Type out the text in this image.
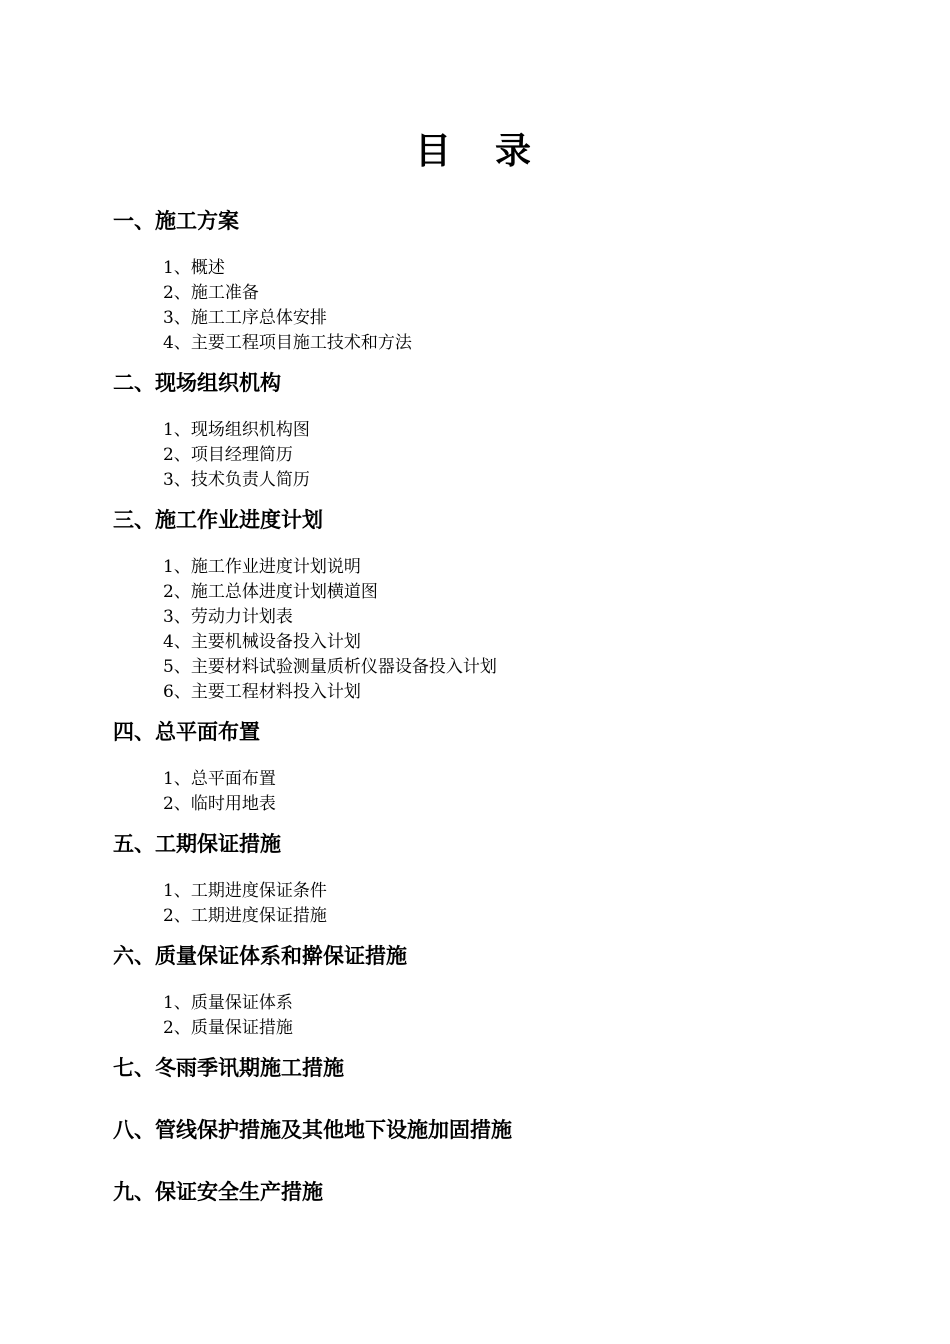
目录
一、施工方案
1、概述
2、施工准备
3、施工工序总体安排
4、主要工程项目施工技术和方法
二、现场组织机构
1、现场组织机构图
2、项目经理简历
3、技术负责人简历
三、施工作业进度计划
1、施工作业进度计划说明
2、施工总体进度计划横道图
3、劳动力计划表
4、主要机械设备投入计划
5、主要材料试验测量质析仪器设备投入计划
6、主要工程材料投入计划
四、总平面布置
1、总平面布置
2、临时用地表
五、工期保证措施
1、工期进度保证条件
2、工期进度保证措施
六、质量保证体系和擀保证措施
1、质量保证体系
2、质量保证措施
七、冬雨季讯期施工措施
八、管线保护措施及其他地下设施加固措施
九、保证安全生产措施
